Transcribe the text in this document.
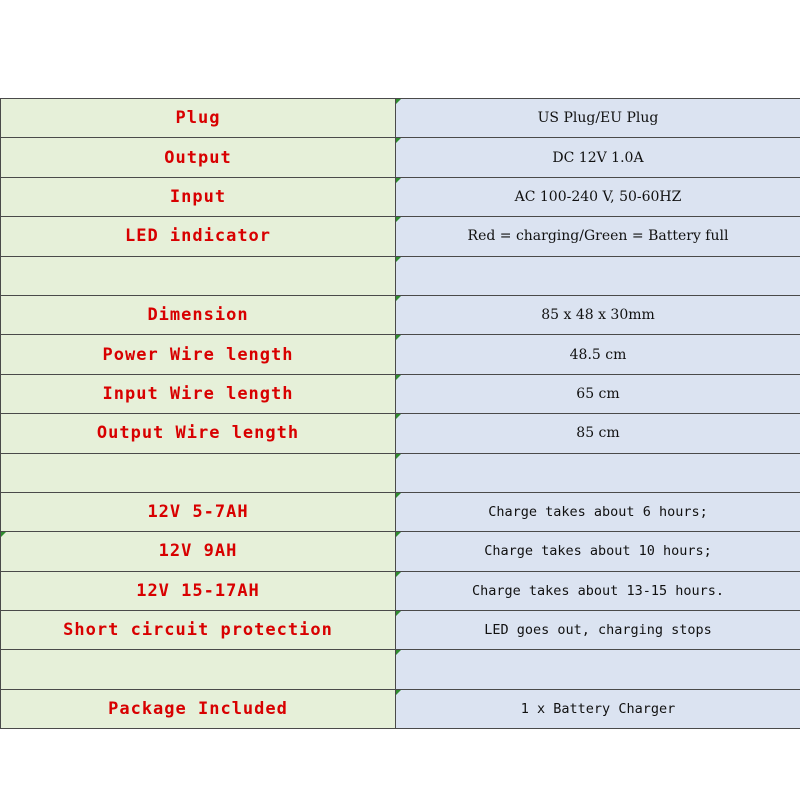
Plug	US Plug/EU Plug
Output	DC 12V 1.0A
Input	AC 100-240 V, 50-60HZ
LED indicator	Red = charging/Green = Battery full

Dimension	85 x 48 x 30mm
Power Wire length	48.5 cm
Input Wire length	65 cm
Output Wire length	85 cm

12V 5-7AH	Charge takes about 6 hours;
12V 9AH	Charge takes about 10 hours;
12V 15-17AH	Charge takes about 13-15 hours.
Short circuit protection	LED goes out, charging stops

Package Included	1 x Battery Charger
